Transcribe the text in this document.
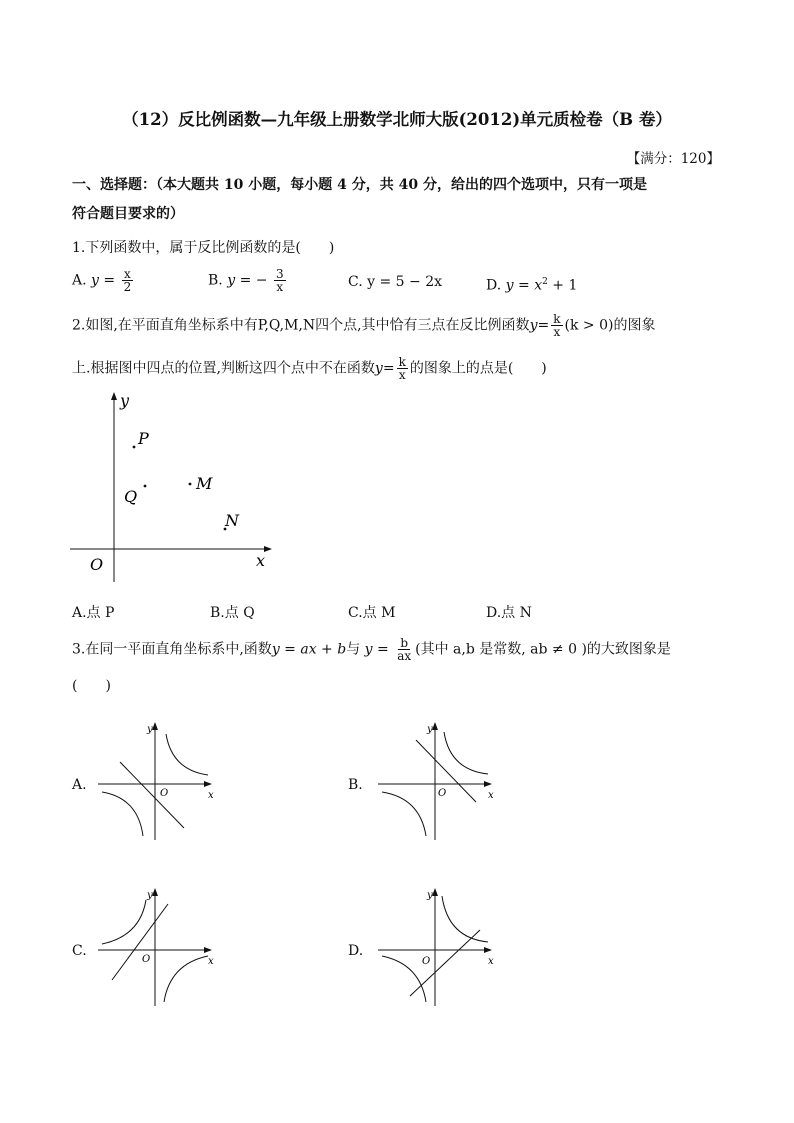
（12）反比例函数—九年级上册数学北师大版(2012)单元质检卷（B 卷）
【满分：120】
一、选择题：（本大题共 10 小题，每小题 4 分，共 40 分，给出的四个选项中，只有一项是
符合题目要求的）
1.下列函数中，属于反比例函数的是(　　)
A. $y = \frac{x}{2}$	B. y = − $\frac{3}{x}$	C. y = 5 − 2x	D. $y = x^2 + 1$
2.如图,在平面直角坐标系中有P,Q,M,N四个点,其中恰有三点在反比例函数$y= \frac{k}{x} (k > 0)$的图象
上.根据图中四点的位置,判断这四个点中不在函数$y= \frac{k}{x}$ 的图象上的点是(　　)
y
x
O
P
Q
M
N
A.点 P	B.点 Q	C.点 M	D.点 N
3.在同一平面直角坐标系中,函数y = ax + b与 $y = \frac{b}{ax}$ (其中 a,b 是常数, ab ≠ 0 )的大致图象是
(　　)
A.
y
x
O
B.
y
x
O
C.
y
x
O
D.
y
x
O
